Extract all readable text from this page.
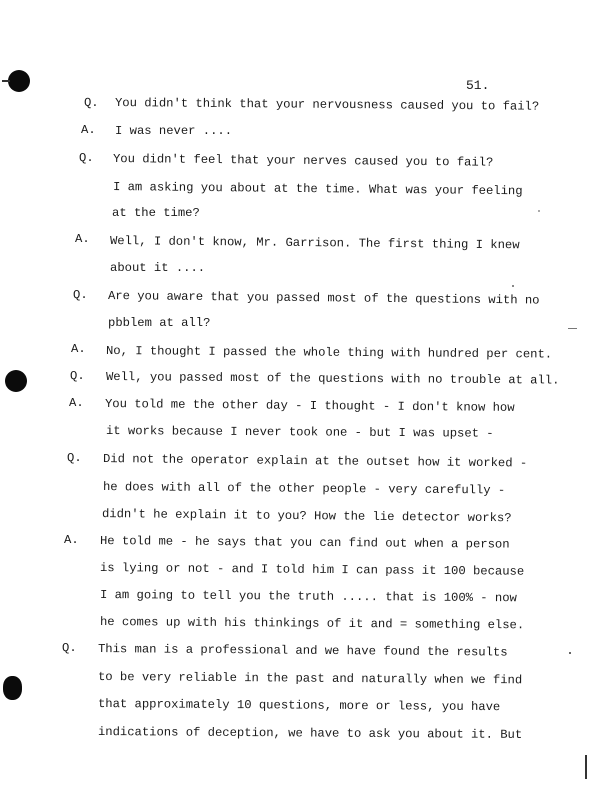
51.
Q. You didn't think that your nervousness caused you to fail?
A. I was never ....
Q. You didn't feel that your nerves caused you to fail?
I am asking you about at the time. What was your feeling
at the time?
A. Well, I don't know, Mr. Garrison. The first thing I knew
about it ....
Q. Are you aware that you passed most of the questions with no
pbblem at all?
A. No, I thought I passed the whole thing with hundred per cent.
Q. Well, you passed most of the questions with no trouble at all.
A. You told me the other day - I thought - I don't know how
it works because I never took one - but I was upset -
Q. Did not the operator explain at the outset how it worked -
he does with all of the other people - very carefully -
didn't he explain it to you? How the lie detector works?
A. He told me - he says that you can find out when a person
is lying or not - and I told him I can pass it 100 because
I am going to tell you the truth ..... that is 100% - now
he comes up with his thinkings of it and = something else.
Q. This man is a professional and we have found the results
to be very reliable in the past and naturally when we find
that approximately 10 questions, more or less, you have
indications of deception, we have to ask you about it. But
